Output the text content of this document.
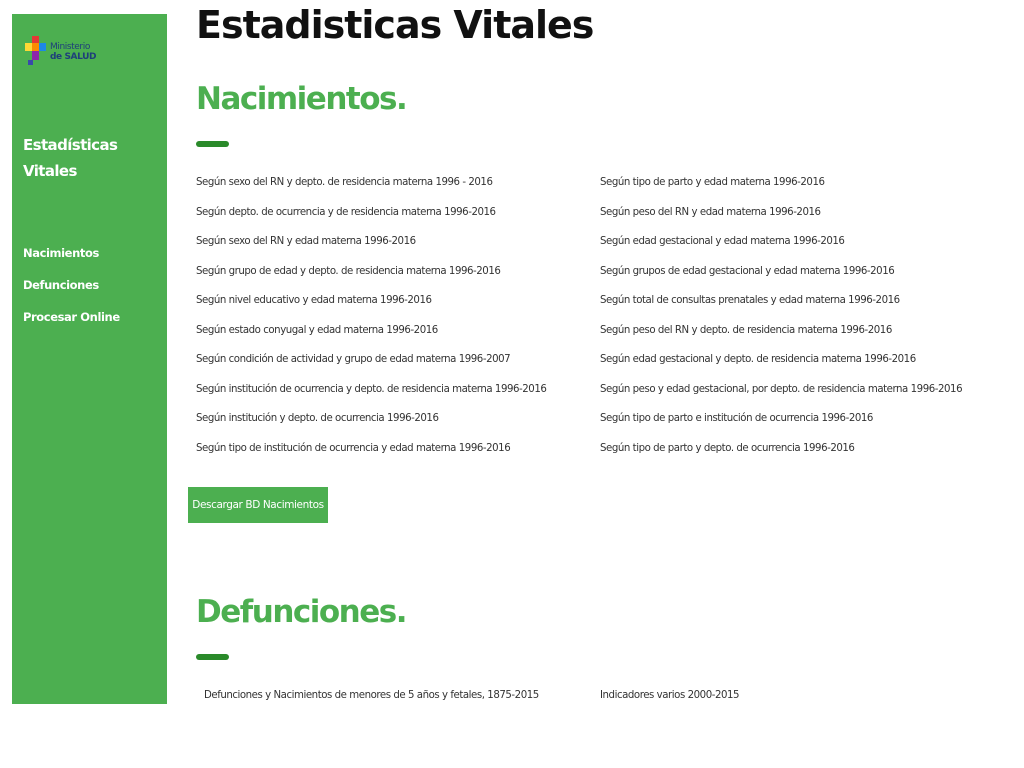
Ministerio
de SALUD
Estadísticas Vitales
Nacimientos
Defunciones
Procesar Online
Estadisticas Vitales
Nacimientos.
Según sexo del RN y depto. de residencia materna 1996 - 2016
Según depto. de ocurrencia y de residencia materna 1996-2016
Según sexo del RN y edad materna 1996-2016
Según grupo de edad y depto. de residencia materna 1996-2016
Según nivel educativo y edad materna 1996-2016
Según estado conyugal y edad materna 1996-2016
Según condición de actividad y grupo de edad materna 1996-2007
Según institución de ocurrencia y depto. de residencia materna 1996-2016
Según institución y depto. de ocurrencia 1996-2016
Según tipo de institución de ocurrencia y edad materna 1996-2016
Según tipo de parto y edad materna 1996-2016
Según peso del RN y edad materna 1996-2016
Según edad gestacional y edad materna 1996-2016
Según grupos de edad gestacional y edad materna 1996-2016
Según total de consultas prenatales y edad materna 1996-2016
Según peso del RN y depto. de residencia materna 1996-2016
Según edad gestacional y depto. de residencia materna 1996-2016
Según peso y edad gestacional, por depto. de residencia materna 1996-2016
Según tipo de parto e institución de ocurrencia 1996-2016
Según tipo de parto y depto. de ocurrencia 1996-2016
Descargar BD Nacimientos
Defunciones.
Defunciones y Nacimientos de menores de 5 años y fetales, 1875-2015	Indicadores varios 2000-2015
